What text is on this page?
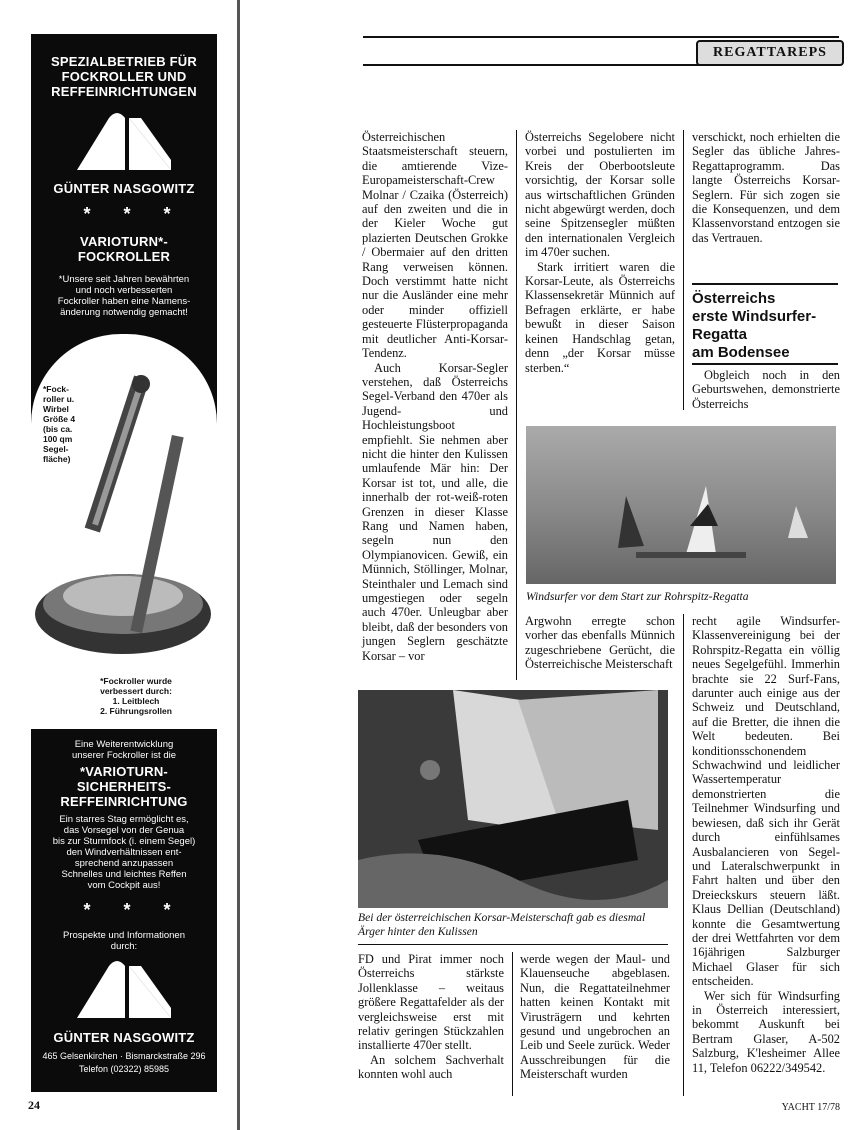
REGATTAREPS
SPEZIALBETRIEB FÜR
FOCKROLLER UND
REFFEINRICHTUNGEN
GÜNTER NASGOWITZ
* * *
VARIOTURN*-
FOCKROLLER
*Unsere seit Jahren bewährten
und noch verbesserten
Fockroller haben eine Namens-
änderung notwendig gemacht!
*Fock-
roller u.
Wirbel
Größe 4
(bis ca.
100 qm
Segel-
fläche)
*Fockroller wurde
verbessert durch:
1. Leitblech
2. Führungsrollen
Eine Weiterentwicklung
unserer Fockroller ist die
*VARIOTURN-
SICHERHEITS-
REFFEINRICHTUNG
Ein starres Stag ermöglicht es,
das Vorsegel von der Genua
bis zur Sturmfock (i. einem Segel)
den Windverhältnissen ent-
sprechend anzupassen
Schnelles und leichtes Reffen
vom Cockpit aus!
* * *
Prospekte und Informationen
durch:
GÜNTER NASGOWITZ
465 Gelsenkirchen · Bismarckstraße 296
Telefon (02322) 85985

Österreichischen Staatsmeisterschaft steuern, die amtierende Vize-Europameisterschaft-Crew Molnar / Czaika (Österreich) auf den zweiten und die in der Kieler Woche gut plazierten Deutschen Grokke / Obermaier auf den dritten Rang verweisen können. Doch verstimmt hatte nicht nur die Ausländer eine mehr oder minder offiziell gesteuerte Flüsterpropaganda mit deutlicher Anti-Korsar-Tendenz.

Auch Korsar-Segler verstehen, daß Österreichs Segel-Verband den 470er als Jugend- und Hochleistungsboot empfiehlt. Sie nehmen aber nicht die hinter den Kulissen umlaufende Mär hin: Der Korsar ist tot, und alle, die innerhalb der rot-weiß-roten Grenzen in dieser Klasse Rang und Namen haben, segeln nun den Olympianovicen. Gewiß, ein Münnich, Stöllinger, Molnar, Steinthaler und Lemach sind umgestiegen oder segeln auch 470er. Unleugbar aber bleibt, daß der besonders von jungen Seglern geschätzte Korsar – vor

Österreichs Segelobere nicht vorbei und postulierten im Kreis der Oberbootsleute vorsichtig, der Korsar solle aus wirtschaftlichen Gründen nicht abgewürgt werden, doch seine Spitzensegler müßten den internationalen Vergleich im 470er suchen.

Stark irritiert waren die Korsar-Leute, als Österreichs Klassensekretär Münnich auf Befragen erklärte, er habe bewußt in dieser Saison keinen Handschlag getan, denn „der Korsar müsse sterben.“

verschickt, noch erhielten die Segler das übliche Jahres-Regattaprogramm. Das langte Österreichs Korsar-Seglern. Für sich zogen sie die Konsequenzen, und dem Klassenvorstand entzogen sie das Vertrauen.

Österreichs
erste Windsurfer-
Regatta
am Bodensee

Obgleich noch in den Geburtswehen, demonstrierte Österreichs

Windsurfer vor dem Start zur Rohrspitz-Regatta

Argwohn erregte schon vorher das ebenfalls Münnich zugeschriebene Gerücht, die Österreichische Meisterschaft

recht agile Windsurfer-Klassenvereinigung bei der Rohrspitz-Regatta ein völlig neues Segelgefühl. Immerhin brachte sie 22 Surf-Fans, darunter auch einige aus der Schweiz und Deutschland, auf die Bretter, die ihnen die Welt bedeuten. Bei konditionsschonendem Schwachwind und leidlicher Wassertemperatur demonstrierten die Teilnehmer Windsurfing und bewiesen, daß sich ihr Gerät durch einfühlsames Ausbalancieren von Segel- und Lateralschwerpunkt in Fahrt halten und über den Dreieckskurs steuern läßt. Klaus Dellian (Deutschland) konnte die Gesamtwertung der drei Wettfahrten vor dem 16jährigen Salzburger Michael Glaser für sich entscheiden.

Wer sich für Windsurfing in Österreich interessiert, bekommt Auskunft bei Bertram Glaser, A-502 Salzburg, K'lesheimer Allee 11, Telefon 06222/349542.

Bei der österreichischen Korsar-Meisterschaft gab es diesmal Ärger hinter den Kulissen

FD und Pirat immer noch Österreichs stärkste Jollenklasse – weitaus größere Regattafelder als der vergleichsweise erst mit relativ geringen Stückzahlen installierte 470er stellt.

An solchem Sachverhalt konnten wohl auch

werde wegen der Maul- und Klauenseuche abgeblasen. Nun, die Regattateilnehmer hatten keinen Kontakt mit Virusträgern und kehrten gesund und ungebrochen an Leib und Seele zurück. Weder Ausschreibungen für die Meisterschaft wurden

24	YACHT 17/78
